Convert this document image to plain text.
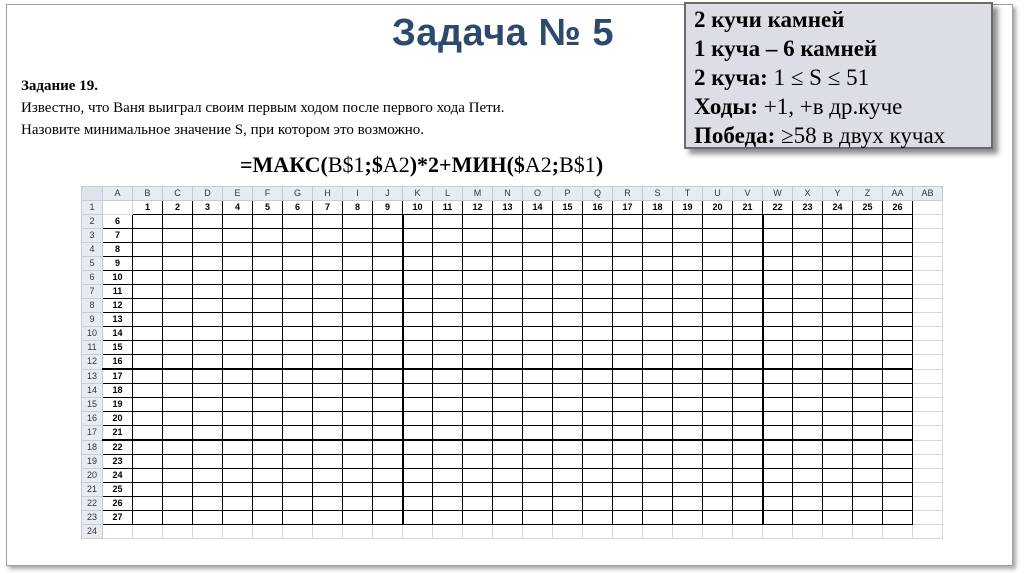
Задача № 5	2 кучи камней
1 куча – 6 камней
2 куча: 1 ≤ S ≤ 51
Ходы: +1, +в др.куче
Победа: ≥58 в двух кучах
Задание 19.
Известно, что Ваня выиграл своим первым ходом после первого хода Пети.
Назовите минимальное значение S, при котором это возможно.
=МАКС(B$1;$A2)*2+МИН($A2;B$1)
	A	B	C	D	E	F	G	H	I	J	K	L	M	N	O	P	Q	R	S	T	U	V	W	X	Y	Z	AA	AB
1		1	2	3	4	5	6	7	8	9	10	11	12	13	14	15	16	17	18	19	20	21	22	23	24	25	26	
2	6																											
3	7																											
4	8																											
5	9																											
6	10																											
7	11																											
8	12																											
9	13																											
10	14																											
11	15																											
12	16																											
13	17																											
14	18																											
15	19																											
16	20																											
17	21																											
18	22																											
19	23																											
20	24																											
21	25																											
22	26																											
23	27																											
24																												
